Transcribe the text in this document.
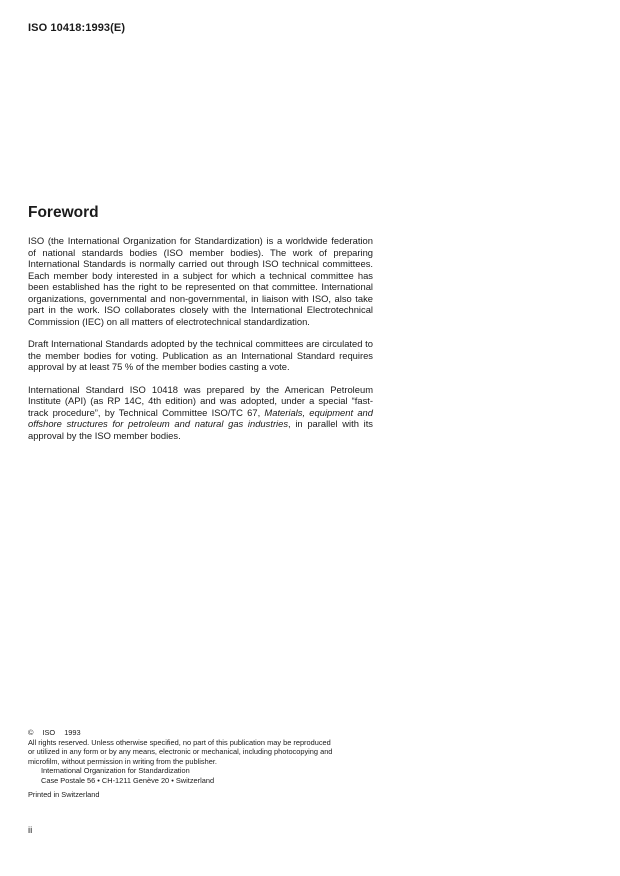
ISO 10418:1993(E)
Foreword

ISO (the International Organization for Standardization) is a worldwide federation of national standards bodies (ISO member bodies). The work of preparing International Standards is normally carried out through ISO technical committees. Each member body interested in a subject for which a technical committee has been established has the right to be represented on that committee. International organizations, governmental and non-governmental, in liaison with ISO, also take part in the work. ISO collaborates closely with the International Electrotechnical Commission (IEC) on all matters of electrotechnical standardization.

Draft International Standards adopted by the technical committees are circulated to the member bodies for voting. Publication as an International Standard requires approval by at least 75 % of the member bodies casting a vote.

International Standard ISO 10418 was prepared by the American Petroleum Institute (API) (as RP 14C, 4th edition) and was adopted, under a special “fast-track procedure”, by Technical Committee ISO/TC 67, Materials, equipment and offshore structures for petroleum and natural gas industries, in parallel with its approval by the ISO member bodies.

© ISO 1993
All rights reserved. Unless otherwise specified, no part of this publication may be reproduced
or utilized in any form or by any means, electronic or mechanical, including photocopying and
microfilm, without permission in writing from the publisher.
International Organization for Standardization
Case Postale 56 • CH-1211 Genève 20 • Switzerland
Printed in Switzerland
ii
